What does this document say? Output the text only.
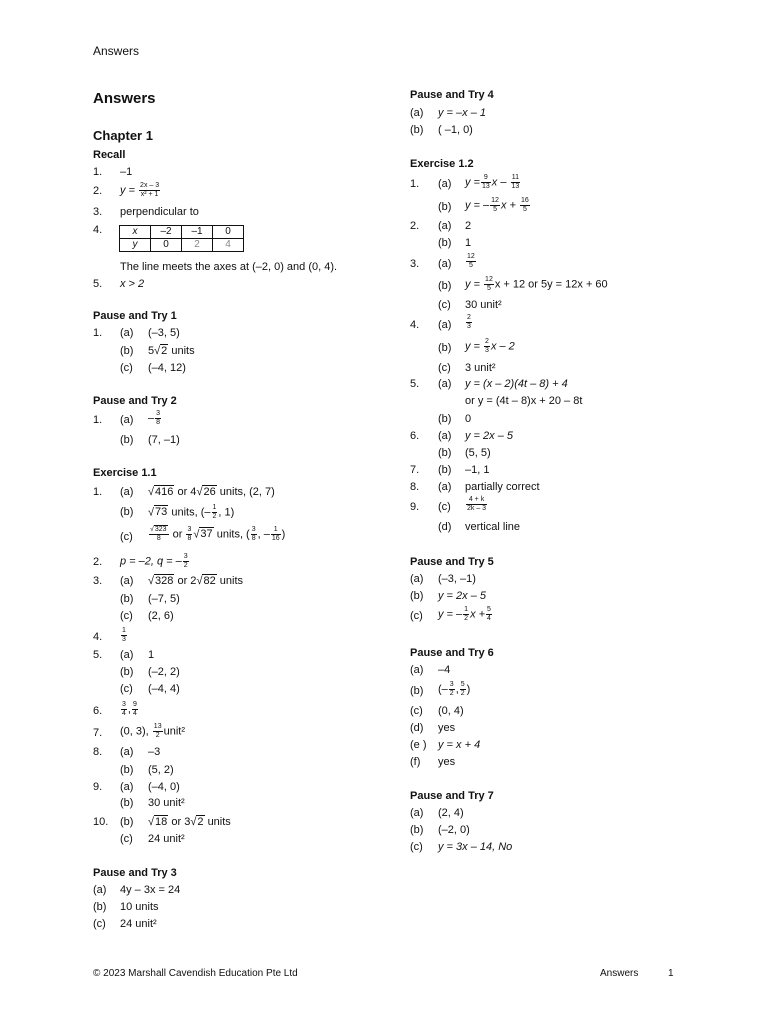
Answers
Answers
Chapter 1
Recall
1. –1
2. $y = \frac{2x - 3}{\text{x² + 1}}$
3. perpendicular to
4.	x	–2	–1	0
y	0	2	4
The line meets the axes at (–2, 0) and (0, 4).
5. x > 2
Pause and Try 1
1. (a) (–3, 5)
(b) 5√2 units
(c) (–4, 12)
Pause and Try 2
1. $(a) - \frac{3}{8}$
(b) (7, –1)
Exercise 1.1
1. (a) √416 or 4√26 units, (2, 7)
(b) √73 units, (– $\frac{1}{2}$ , 1)
$(c) \frac{√323}{8}$ or $\frac{3}{8} √37$ units, ( $\frac{3}{8}$ , – $\frac{1}{16}$ )
2. p = –2, q = – $\frac{3}{2}$
3. (a) √328 or 2√82 units
(b) (–7, 5)
(c) (2, 6)
4.	$\frac{1}{3}$
5. (a) 1
(b) (–2, 2)
(c) (–4, 4)
6.	$\frac{3}{4}$ , $\frac{9}{4}$
7. (0, 3), $\frac{13}{2}$ unit²
8. (a) –3
(b) (5, 2)
9. (a) (–4, 0)
(b) 30 unit²
10. (b) √18 or 3√2 units
(c) 24 unit²
Pause and Try 3
(a) 4y – 3x = 24
(b) 10 units
(c) 24 unit²
Pause and Try 4
(a) y = –x – 1
(b) ( –1, 0)
Exercise 1.2
1. (a) $y = \frac{9}{13}$ x – $\frac{11}{13}$
(b) y = – $\frac{12}{5}$ $x + \frac{16}{5}$
2. (a) 2
(b) 1
3. $(a) \frac{12}{5}$
(b) $y = \frac{12}{5}$ x + 12 or 5y = 12x + 60
(c) 30 unit²
4. $(a) \frac{2}{3}$
(b) $y = \frac{2}{3}$ x – 2
(c) 3 unit²
5. (a) y = (x – 2)(4t – 8) + 4
or y = (4t – 8)x + 20 – 8t
(b) 0
6. (a) y = 2x – 5
(b) (5, 5)
7. (b) –1, 1
8. (a) partially correct
9. $(c) \frac{4 + k}{2k - 3}$
(d) vertical line
Pause and Try 5
(a) (–3, –1)
(b) y = 2x – 5
(c) y = – $\frac{1}{2}$ $x + \frac{5}{4}$
Pause and Try 6
(a) –4
(b) (– $\frac{3}{2}$ , $\frac{5}{2}$ )
(c) (0, 4)
(d) yes
(e ) y = x + 4
(f) yes
Pause and Try 7
(a) (2, 4)
(b) (–2, 0)
(c) y = 3x – 14, No
© 2023 Marshall Cavendish Education Pte Ltd	Answers	1
